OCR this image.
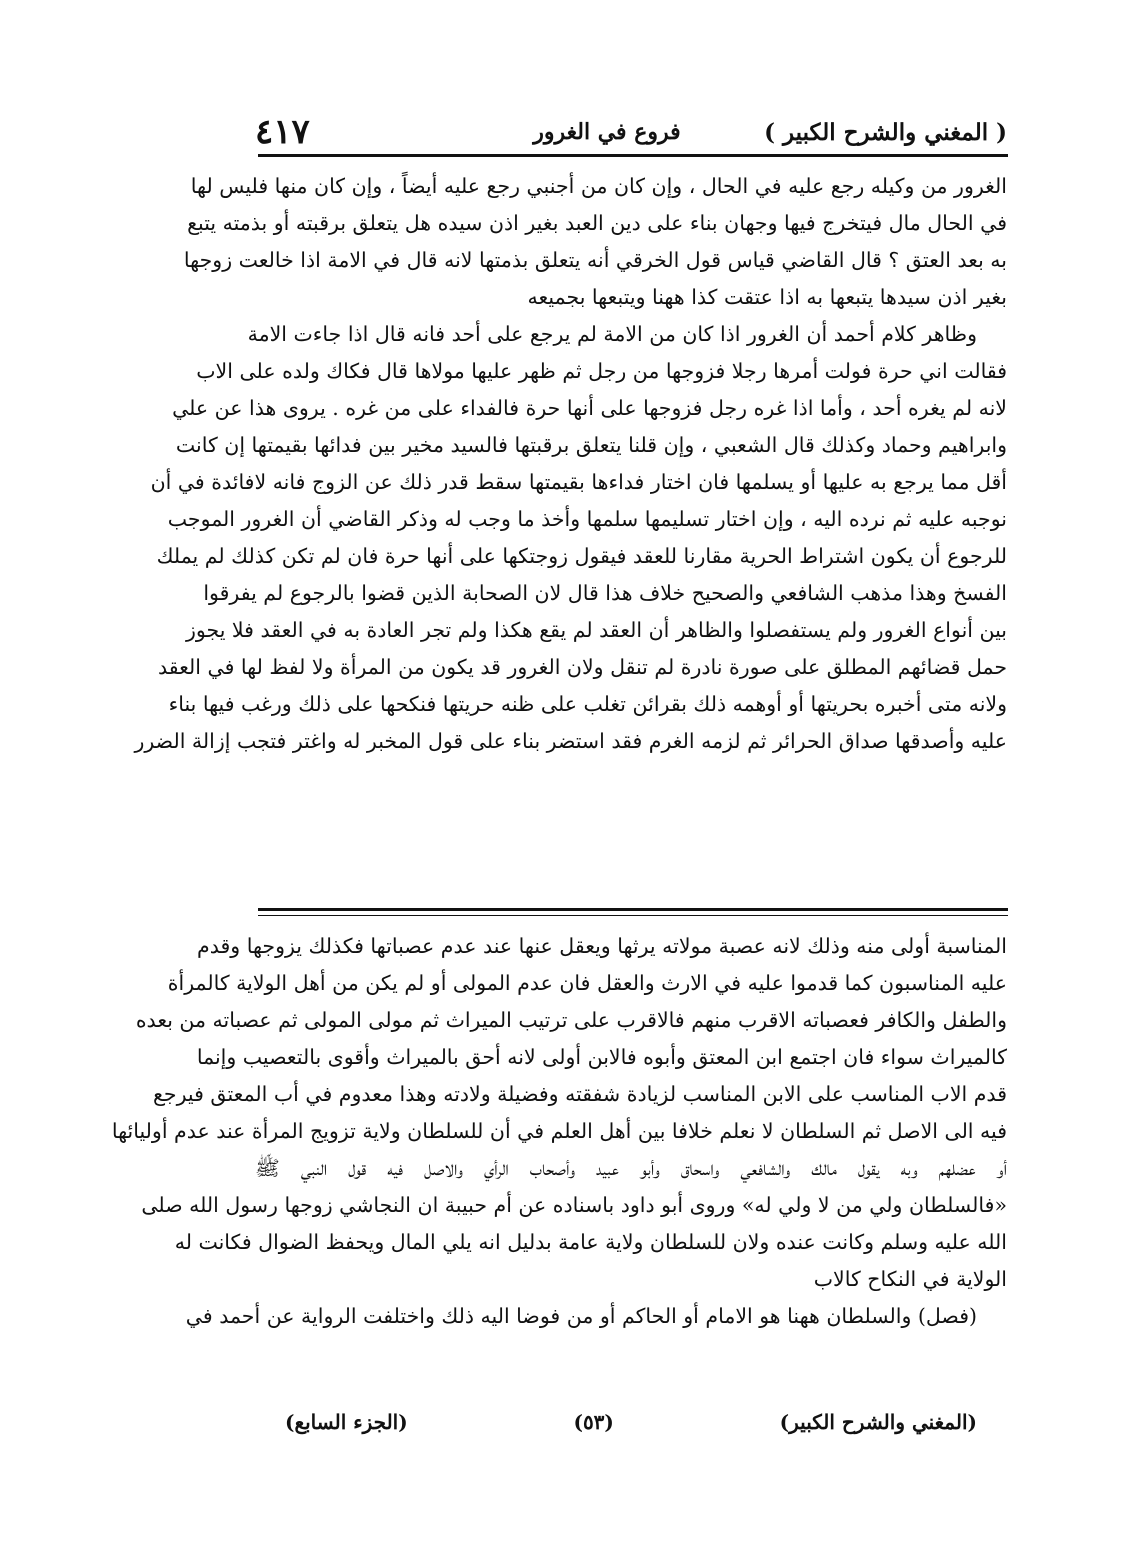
( المغني والشرح الكبير )
فروع في الغرور
٤١٧
الغرور من وكيله رجع عليه في الحال ، وإن كان من أجنبي رجع عليه أيضاً ، وإن كان منها فليس لها
في الحال مال فيتخرج فيها وجهان بناء على دين العبد بغير اذن سيده هل يتعلق برقبته أو بذمته يتبع
به بعد العتق ؟ قال القاضي قياس قول الخرقي أنه يتعلق بذمتها لانه قال في الامة اذا خالعت زوجها
بغير اذن سيدها يتبعها به اذا عتقت كذا ههنا ويتبعها بجميعه
وظاهر كلام أحمد أن الغرور اذا كان من الامة لم يرجع على أحد فانه قال اذا جاءت الامة
فقالت اني حرة فولت أمرها رجلا فزوجها من رجل ثم ظهر عليها مولاها قال فكاك ولده على الاب
لانه لم يغره أحد ، وأما اذا غره رجل فزوجها على أنها حرة فالفداء على من غره . يروى هذا عن علي
وابراهيم وحماد وكذلك قال الشعبي ، وإن قلنا يتعلق برقبتها فالسيد مخير بين فدائها بقيمتها إن كانت
أقل مما يرجع به عليها أو يسلمها فان اختار فداءها بقيمتها سقط قدر ذلك عن الزوج فانه لافائدة في أن
نوجبه عليه ثم نرده اليه ، وإن اختار تسليمها سلمها وأخذ ما وجب له وذكر القاضي أن الغرور الموجب
للرجوع أن يكون اشتراط الحرية مقارنا للعقد فيقول زوجتكها على أنها حرة فان لم تكن كذلك لم يملك
الفسخ وهذا مذهب الشافعي والصحيح خلاف هذا قال لان الصحابة الذين قضوا بالرجوع لم يفرقوا
بين أنواع الغرور ولم يستفصلوا والظاهر أن العقد لم يقع هكذا ولم تجر العادة به في العقد فلا يجوز
حمل قضائهم المطلق على صورة نادرة لم تنقل ولان الغرور قد يكون من المرأة ولا لفظ لها في العقد
ولانه متى أخبره بحريتها أو أوهمه ذلك بقرائن تغلب على ظنه حريتها فنكحها على ذلك ورغب فيها بناء
عليه وأصدقها صداق الحرائر ثم لزمه الغرم فقد استضر بناء على قول المخبر له واغتر فتجب إزالة الضرر
المناسبة أولى منه وذلك لانه عصبة مولاته يرثها ويعقل عنها عند عدم عصباتها فكذلك يزوجها وقدم
عليه المناسبون كما قدموا عليه في الارث والعقل فان عدم المولى أو لم يكن من أهل الولاية كالمرأة
والطفل والكافر فعصباته الاقرب منهم فالاقرب على ترتيب الميراث ثم مولى المولى ثم عصباته من بعده
كالميراث سواء فان اجتمع ابن المعتق وأبوه فالابن أولى لانه أحق بالميراث وأقوى بالتعصيب وإنما
قدم الاب المناسب على الابن المناسب لزيادة شفقته وفضيلة ولادته وهذا معدوم في أب المعتق فيرجع
فيه الى الاصل ثم السلطان لا نعلم خلافا بين أهل العلم في أن للسلطان ولاية تزويج المرأة عند عدم أوليائها
أو عضلهم وبه يقول مالك والشافعي واسحاق وأبو عبيد وأصحاب الرأي والاصل فيه قول النبي ﷺ
«فالسلطان ولي من لا ولي له» وروى أبو داود باسناده عن أم حبيبة ان النجاشي زوجها رسول الله صلى
الله عليه وسلم وكانت عنده ولان للسلطان ولاية عامة بدليل انه يلي المال ويحفظ الضوال فكانت له
الولاية في النكاح كالاب
(فصل) والسلطان ههنا هو الامام أو الحاكم أو من فوضا اليه ذلك واختلفت الرواية عن أحمد في
(المغني والشرح الكبير)
(٥٣)
(الجزء السابع)
